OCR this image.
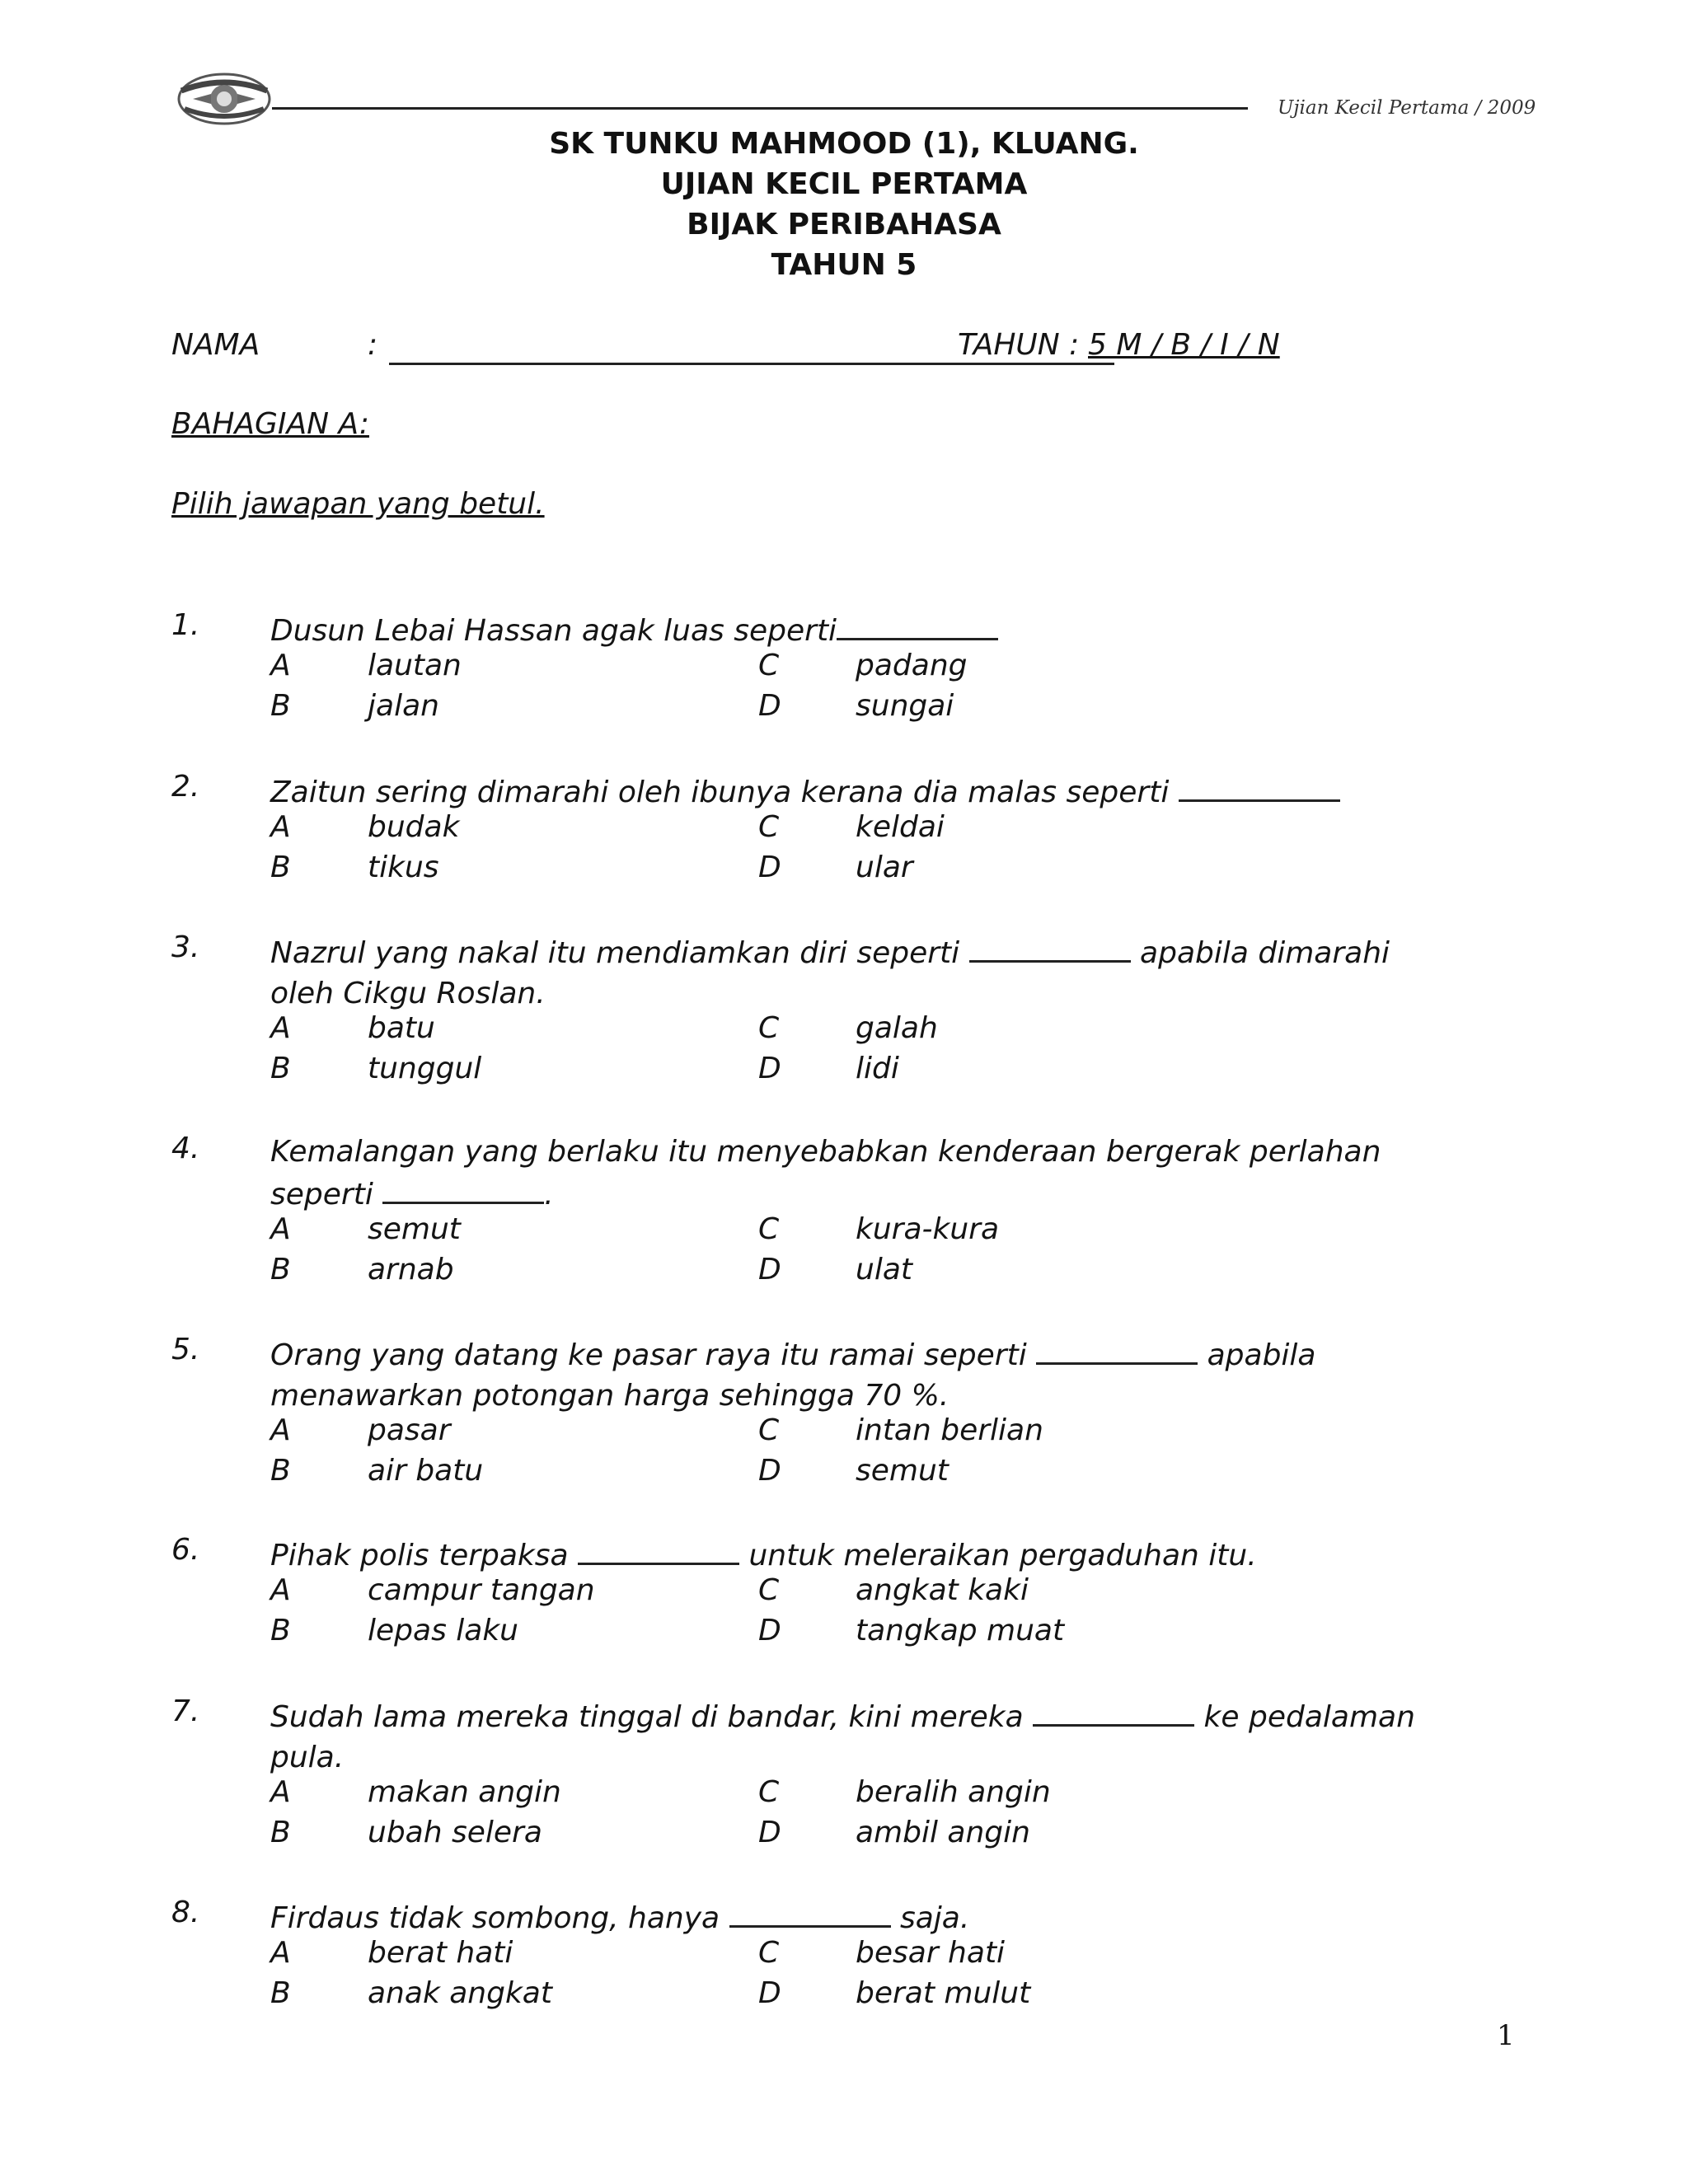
Ujian Kecil Pertama / 2009
SK TUNKU MAHMOOD (1), KLUANG.
UJIAN KECIL PERTAMA
BIJAK PERIBAHASA
TAHUN 5
NAMA	:	TAHUN : 5 M / B / I / N
BAHAGIAN A:
Pilih jawapan yang betul.
1. Dusun Lebai Hassan agak luas seperti
A	lautan	C	padang
B	jalan	D	sungai
2. Zaitun sering dimarahi oleh ibunya kerana dia malas seperti
A	budak	C	keldai
B	tikus	D	ular
3. Nazrul yang nakal itu mendiamkan diri seperti	apabila dimarahi
oleh Cikgu Roslan.
A	batu	C	galah
B	tunggul	D	lidi
4. Kemalangan yang berlaku itu menyebabkan kenderaan bergerak perlahan
seperti	.
A	semut	C	kura-kura
B	arnab	D	ulat
5. Orang yang datang ke pasar raya itu ramai seperti	apabila
menawarkan potongan harga sehingga 70 %.
A	pasar	C	intan berlian
B	air batu	D	semut
6. Pihak polis terpaksa	untuk meleraikan pergaduhan itu.
A	campur tangan	C	angkat kaki
B	lepas laku	D	tangkap muat
7. Sudah lama mereka tinggal di bandar, kini mereka	ke pedalaman
pula.
A	makan angin	C	beralih angin
B	ubah selera	D	ambil angin
8. Firdaus tidak sombong, hanya	saja.
A	berat hati	C	besar hati
B	anak angkat	D	berat mulut
1
